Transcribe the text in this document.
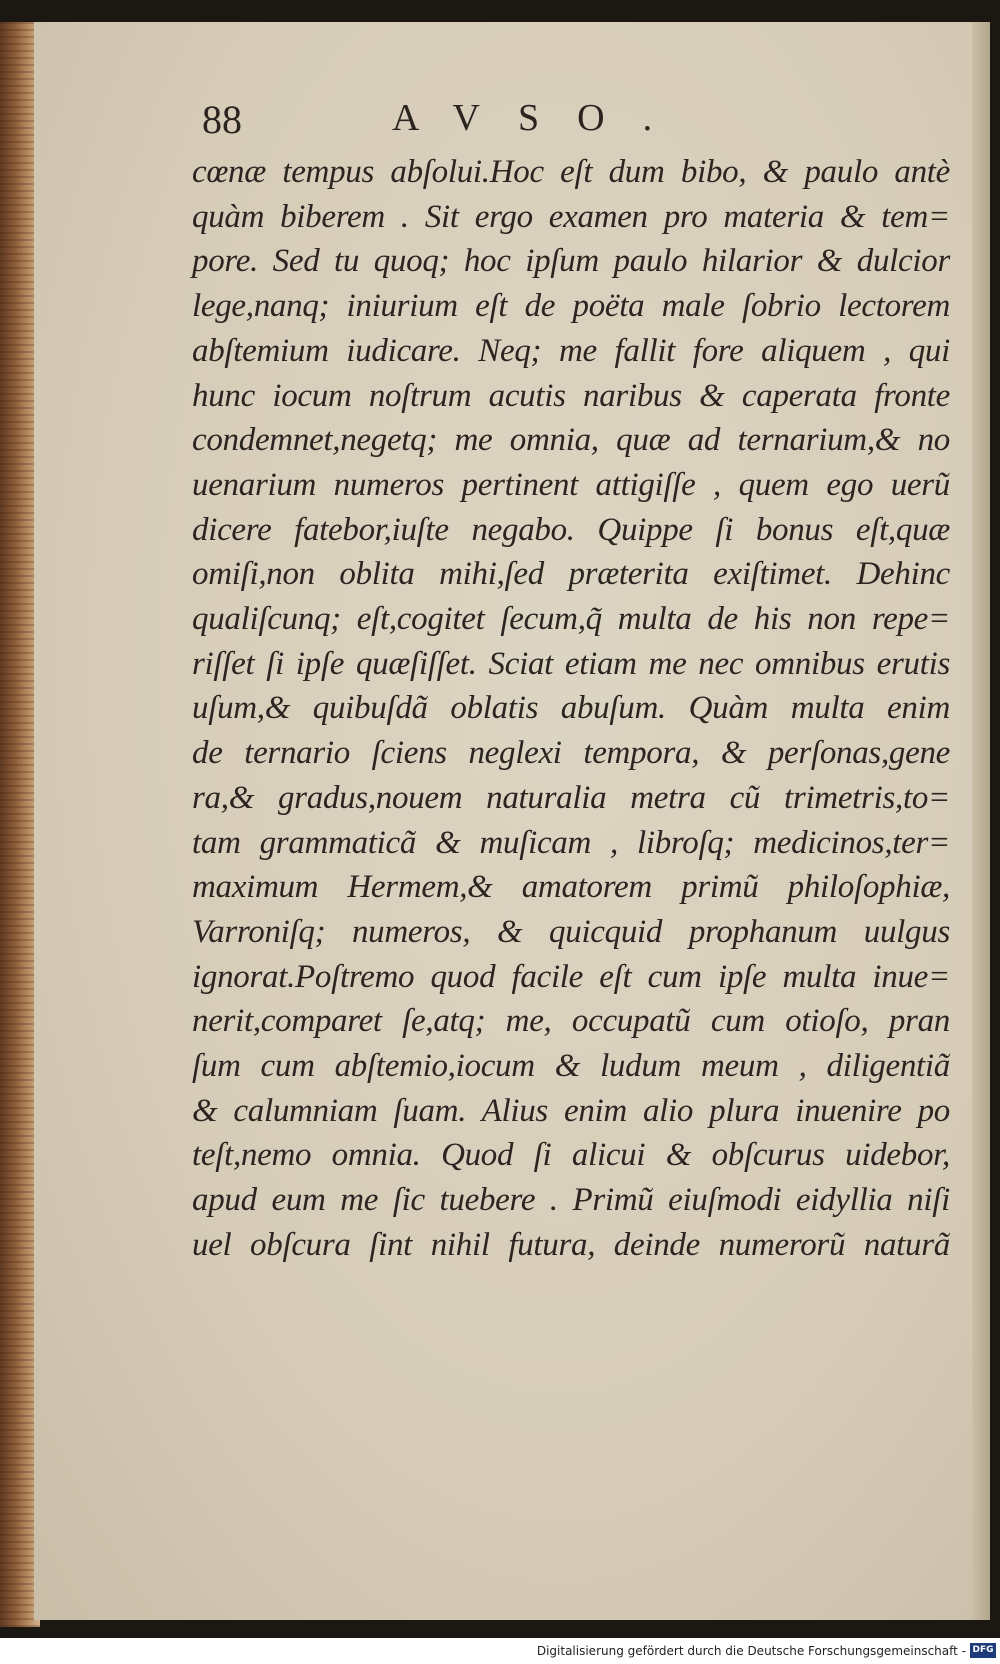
88	AVSO.
cœnæ tempus abſolui.Hoc eſt dum bibo, & paulo antè
quàm biberem . Sit ergo examen pro materia & tem=
pore. Sed tu quoq; hoc ipſum paulo hilarior & dulcior
lege,nanq; iniurium eſt de poëta male ſobrio lectorem
abſtemium iudicare. Neq; me fallit fore aliquem , qui
hunc iocum noſtrum acutis naribus & caperata fronte
condemnet,negetq; me omnia, quæ ad ternarium,& no
uenarium numeros pertinent attigiſſe , quem ego uerũ
dicere fatebor,iuſte negabo. Quippe ſi bonus eſt,quæ
omiſi,non oblita mihi,ſed præterita exiſtimet. Dehinc
qualiſcunq; eſt,cogitet ſecum,q̃ multa de his non repe=
riſſet ſi ipſe quæſiſſet. Sciat etiam me nec omnibus erutis
uſum,& quibuſdã oblatis abuſum. Quàm multa enim
de ternario ſciens neglexi tempora, & perſonas,gene
ra,& gradus,nouem naturalia metra cũ trimetris,to=
tam grammaticã & muſicam , libroſq; medicinos,ter=
maximum Hermem,& amatorem primũ philoſophiæ,
Varroniſq; numeros, & quicquid prophanum uulgus
ignorat.Poſtremo quod facile eſt cum ipſe multa inue=
nerit,comparet ſe,atq; me, occupatũ cum otioſo, pran
ſum cum abſtemio,iocum & ludum meum , diligentiã
& calumniam ſuam. Alius enim alio plura inuenire po
teſt,nemo omnia. Quod ſi alicui & obſcurus uidebor,
apud eum me ſic tuebere . Primũ eiuſmodi eidyllia niſi
uel obſcura ſint nihil futura, deinde numerorũ naturã
Digitalisierung gefördert durch die Deutsche Forschungsgemeinschaft - DFG
